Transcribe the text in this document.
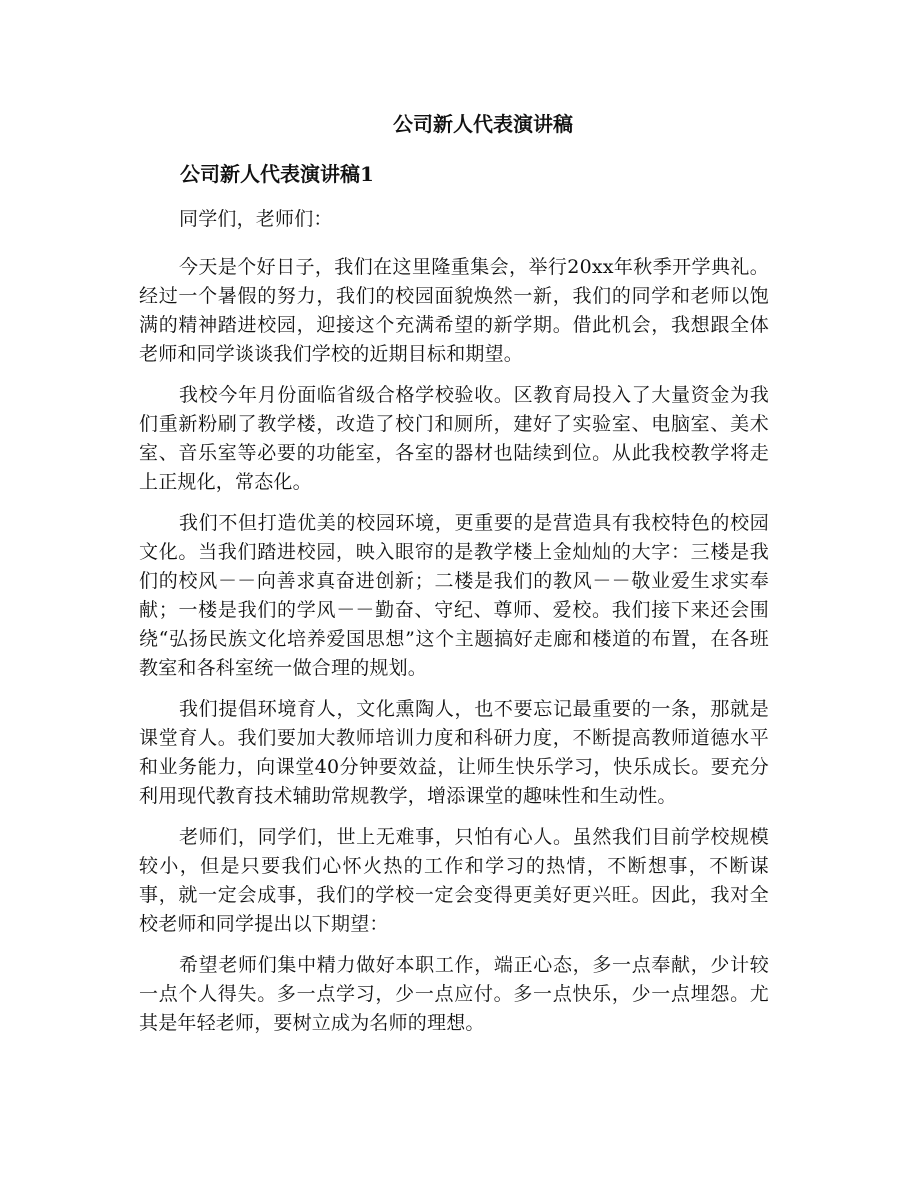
公司新人代表演讲稿
公司新人代表演讲稿1

同学们，老师们：

今天是个好日子，我们在这里隆重集会，举行20xx年秋季开学典礼。经过一个暑假的努力，我们的校园面貌焕然一新，我们的同学和老师以饱满的精神踏进校园，迎接这个充满希望的新学期。借此机会，我想跟全体老师和同学谈谈我们学校的近期目标和期望。

我校今年月份面临省级合格学校验收。区教育局投入了大量资金为我们重新粉刷了教学楼，改造了校门和厕所，建好了实验室、电脑室、美术室、音乐室等必要的功能室，各室的器材也陆续到位。从此我校教学将走上正规化，常态化。

我们不但打造优美的校园环境，更重要的是营造具有我校特色的校园文化。当我们踏进校园，映入眼帘的是教学楼上金灿灿的大字：三楼是我们的校风－－向善求真奋进创新；二楼是我们的教风－－敬业爱生求实奉献；一楼是我们的学风－－勤奋、守纪、尊师、爱校。我们接下来还会围绕“弘扬民族文化培养爱国思想”这个主题搞好走廊和楼道的布置，在各班教室和各科室统一做合理的规划。

我们提倡环境育人，文化熏陶人，也不要忘记最重要的一条，那就是课堂育人。我们要加大教师培训力度和科研力度，不断提高教师道德水平和业务能力，向课堂40分钟要效益，让师生快乐学习，快乐成长。要充分利用现代教育技术辅助常规教学，增添课堂的趣味性和生动性。

老师们，同学们，世上无难事，只怕有心人。虽然我们目前学校规模较小，但是只要我们心怀火热的工作和学习的热情，不断想事，不断谋事，就一定会成事，我们的学校一定会变得更美好更兴旺。因此，我对全校老师和同学提出以下期望：

希望老师们集中精力做好本职工作，端正心态，多一点奉献，少计较一点个人得失。多一点学习，少一点应付。多一点快乐，少一点埋怨。尤其是年轻老师，要树立成为名师的理想。
